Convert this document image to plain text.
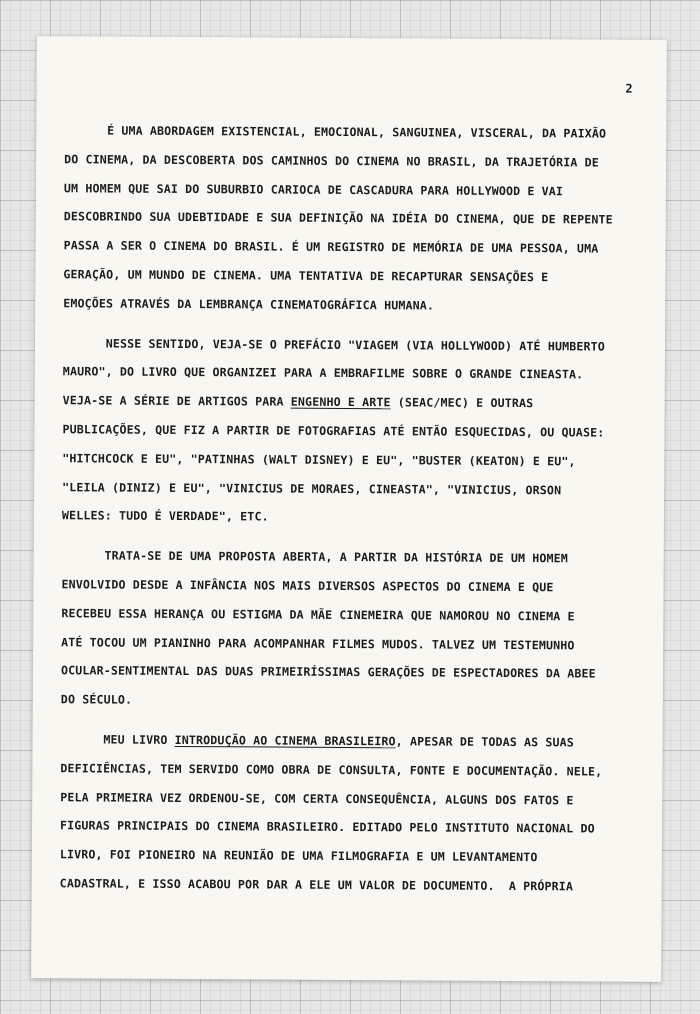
2
É UMA ABORDAGEM EXISTENCIAL, EMOCIONAL, SANGUINEA, VISCERAL, DA PAIXÃO
DO CINEMA, DA DESCOBERTA DOS CAMINHOS DO CINEMA NO BRASIL, DA TRAJETÓRIA DE
UM HOMEM QUE SAI DO SUBURBIO CARIOCA DE CASCADURA PARA HOLLYWOOD E VAI
DESCOBRINDO SUA UDEBTIDADE E SUA DEFINIÇÃO NA IDÉIA DO CINEMA, QUE DE REPENTE
PASSA A SER O CINEMA DO BRASIL. É UM REGISTRO DE MEMÓRIA DE UMA PESSOA, UMA
GERAÇÃO, UM MUNDO DE CINEMA. UMA TENTATIVA DE RECAPTURAR SENSAÇÕES E
EMOÇÕES ATRAVÉS DA LEMBRANÇA CINEMATOGRÁFICA HUMANA.
NESSE SENTIDO, VEJA-SE O PREFÁCIO "VIAGEM (VIA HOLLYWOOD) ATÉ HUMBERTO
MAURO", DO LIVRO QUE ORGANIZEI PARA A EMBRAFILME SOBRE O GRANDE CINEASTA.
VEJA-SE A SÉRIE DE ARTIGOS PARA ENGENHO E ARTE (SEAC/MEC) E OUTRAS
PUBLICAÇÕES, QUE FIZ A PARTIR DE FOTOGRAFIAS ATÉ ENTÃO ESQUECIDAS, OU QUASE:
"HITCHCOCK E EU", "PATINHAS (WALT DISNEY) E EU", "BUSTER (KEATON) E EU",
"LEILA (DINIZ) E EU", "VINICIUS DE MORAES, CINEASTA", "VINICIUS, ORSON
WELLES: TUDO É VERDADE", ETC.
TRATA-SE DE UMA PROPOSTA ABERTA, A PARTIR DA HISTÓRIA DE UM HOMEM
ENVOLVIDO DESDE A INFÂNCIA NOS MAIS DIVERSOS ASPECTOS DO CINEMA E QUE
RECEBEU ESSA HERANÇA OU ESTIGMA DA MÃE CINEMEIRA QUE NAMOROU NO CINEMA E
ATÉ TOCOU UM PIANINHO PARA ACOMPANHAR FILMES MUDOS. TALVEZ UM TESTEMUNHO
OCULAR-SENTIMENTAL DAS DUAS PRIMEIRÍSSIMAS GERAÇÕES DE ESPECTADORES DA ABEE
DO SÉCULO.
MEU LIVRO INTRODUÇÃO AO CINEMA BRASILEIRO, APESAR DE TODAS AS SUAS
DEFICIÊNCIAS, TEM SERVIDO COMO OBRA DE CONSULTA, FONTE E DOCUMENTAÇÃO. NELE,
PELA PRIMEIRA VEZ ORDENOU-SE, COM CERTA CONSEQUÊNCIA, ALGUNS DOS FATOS E
FIGURAS PRINCIPAIS DO CINEMA BRASILEIRO. EDITADO PELO INSTITUTO NACIONAL DO
LIVRO, FOI PIONEIRO NA REUNIÃO DE UMA FILMOGRAFIA E UM LEVANTAMENTO
CADASTRAL, E ISSO ACABOU POR DAR A ELE UM VALOR DE DOCUMENTO.  A PRÓPRIA
